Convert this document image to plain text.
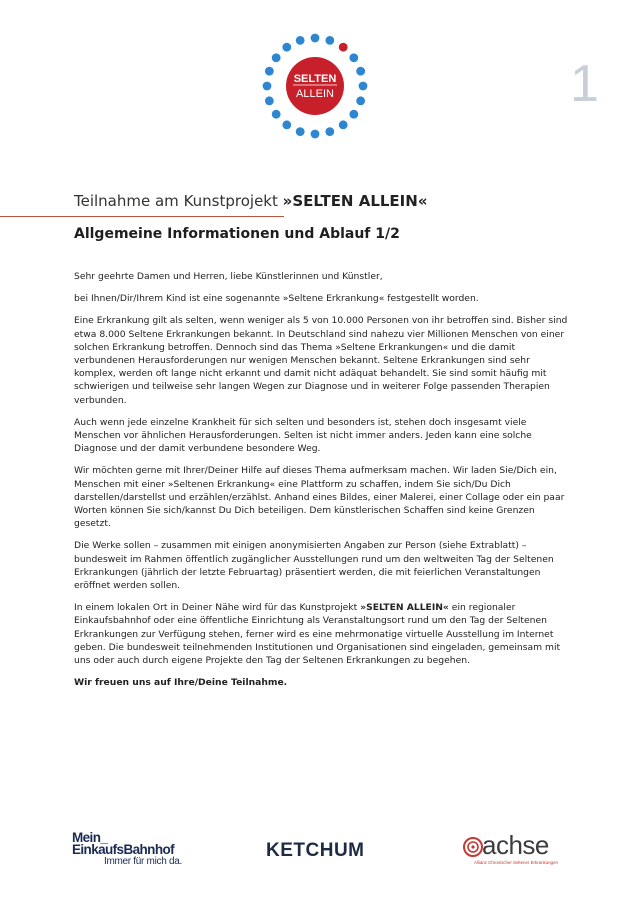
SELTEN
ALLEIN	1
Teilnahme am Kunstprojekt »SELTEN ALLEIN«
Allgemeine Informationen und Ablauf 1/2

Sehr geehrte Damen und Herren, liebe Künstlerinnen und Künstler,

bei Ihnen/Dir/Ihrem Kind ist eine sogenannte »Seltene Erkrankung« festgestellt worden.

Eine Erkrankung gilt als selten, wenn weniger als 5 von 10.000 Personen von ihr betroffen sind. Bisher sind etwa 8.000 Seltene Erkrankungen bekannt. In Deutschland sind nahezu vier Millionen Menschen von einer solchen Erkrankung betroffen. Dennoch sind das Thema »Seltene Erkrankungen« und die damit verbundenen Herausforderungen nur wenigen Menschen bekannt. Seltene Erkrankungen sind sehr komplex, werden oft lange nicht erkannt und damit nicht adäquat behandelt. Sie sind somit häufig mit schwierigen und teilweise sehr langen Wegen zur Diagnose und in weiterer Folge passenden Therapien verbunden.

Auch wenn jede einzelne Krankheit für sich selten und besonders ist, stehen doch insgesamt viele Menschen vor ähnlichen Herausforderungen. Selten ist nicht immer anders. Jeden kann eine solche Diagnose und der damit verbundene besondere Weg.

Wir möchten gerne mit Ihrer/Deiner Hilfe auf dieses Thema aufmerksam machen. Wir laden Sie/Dich ein, Menschen mit einer »Seltenen Erkrankung« eine Plattform zu schaffen, indem Sie sich/Du Dich darstellen/darstellst und erzählen/erzählst. Anhand eines Bildes, einer Malerei, einer Collage oder ein paar Worten können Sie sich/kannst Du Dich beteiligen. Dem künstlerischen Schaffen sind keine Grenzen gesetzt.

Die Werke sollen – zusammen mit einigen anonymisierten Angaben zur Person (siehe Extrablatt) – bundesweit im Rahmen öffentlich zugänglicher Ausstellungen rund um den weltweiten Tag der Seltenen Erkrankungen (jährlich der letzte Februartag) präsentiert werden, die mit feierlichen Veranstaltungen eröffnet werden sollen.

In einem lokalen Ort in Deiner Nähe wird für das Kunstprojekt »SELTEN ALLEIN« ein regionaler Einkaufsbahnhof oder eine öffentliche Einrichtung als Veranstaltungsort rund um den Tag der Seltenen Erkrankungen zur Verfügung stehen, ferner wird es eine mehrmonatige virtuelle Ausstellung im Internet geben. Die bundesweit teilnehmenden Institutionen und Organisationen sind eingeladen, gemeinsam mit uns oder auch durch eigene Projekte den Tag der Seltenen Erkrankungen zu begehen.

Wir freuen uns auf Ihre/Deine Teilnahme.

Mein_
EinkaufsBahnhof
Immer für mich da.
KETCHUM	achse
Allianz Chronischer Seltener Erkrankungen
